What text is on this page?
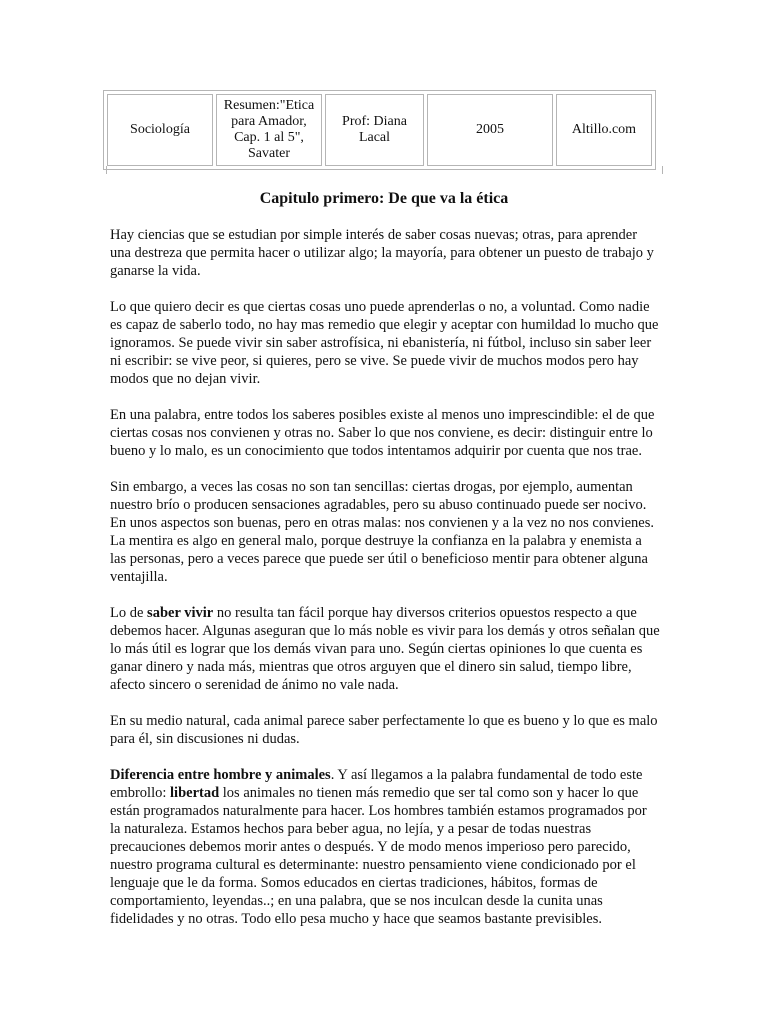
Sociología	Resumen:"Etica para Amador, Cap. 1 al 5", Savater	Prof: Diana Lacal	2005	Altillo.com
Capitulo primero: De que va la ética

Hay ciencias que se estudian por simple interés de saber cosas nuevas; otras, para aprender una destreza que permita hacer o utilizar algo; la mayoría, para obtener un puesto de trabajo y ganarse la vida.

Lo que quiero decir es que ciertas cosas uno puede aprenderlas o no, a voluntad. Como nadie es capaz de saberlo todo, no hay mas remedio que elegir y aceptar con humildad lo mucho que ignoramos. Se puede vivir sin saber astrofísica, ni ebanistería, ni fútbol, incluso sin saber leer ni escribir: se vive peor, si quieres, pero se vive. Se puede vivir de muchos modos pero hay modos que no dejan vivir.

En una palabra, entre todos los saberes posibles existe al menos uno imprescindible: el de que ciertas cosas nos convienen y otras no. Saber lo que nos conviene, es decir: distinguir entre lo bueno y lo malo, es un conocimiento que todos intentamos adquirir por cuenta que nos trae.

Sin embargo, a veces las cosas no son tan sencillas: ciertas drogas, por ejemplo, aumentan nuestro brío o producen sensaciones agradables, pero su abuso continuado puede ser nocivo. En unos aspectos son buenas, pero en otras malas: nos convienen y a la vez no nos convienes. La mentira es algo en general malo, porque destruye la confianza en la palabra y enemista a las personas, pero a veces parece que puede ser útil o beneficioso mentir para obtener alguna ventajilla.

Lo de saber vivir no resulta tan fácil porque hay diversos criterios opuestos respecto a que debemos hacer. Algunas aseguran que lo más noble es vivir para los demás y otros señalan que lo más útil es lograr que los demás vivan para uno. Según ciertas opiniones lo que cuenta es ganar dinero y nada más, mientras que otros arguyen que el dinero sin salud, tiempo libre, afecto sincero o serenidad de ánimo no vale nada.

En su medio natural, cada animal parece saber perfectamente lo que es bueno y lo que es malo para él, sin discusiones ni dudas.

Diferencia entre hombre y animales. Y así llegamos a la palabra fundamental de todo este embrollo: libertad los animales no tienen más remedio que ser tal como son y hacer lo que están programados naturalmente para hacer. Los hombres también estamos programados por la naturaleza. Estamos hechos para beber agua, no lejía, y a pesar de todas nuestras precauciones debemos morir antes o después. Y de modo menos imperioso pero parecido, nuestro programa cultural es determinante: nuestro pensamiento viene condicionado por el lenguaje que le da forma. Somos educados en ciertas tradiciones, hábitos, formas de comportamiento, leyendas..; en una palabra, que se nos inculcan desde la cunita unas fidelidades y no otras. Todo ello pesa mucho y hace que seamos bastante previsibles.
